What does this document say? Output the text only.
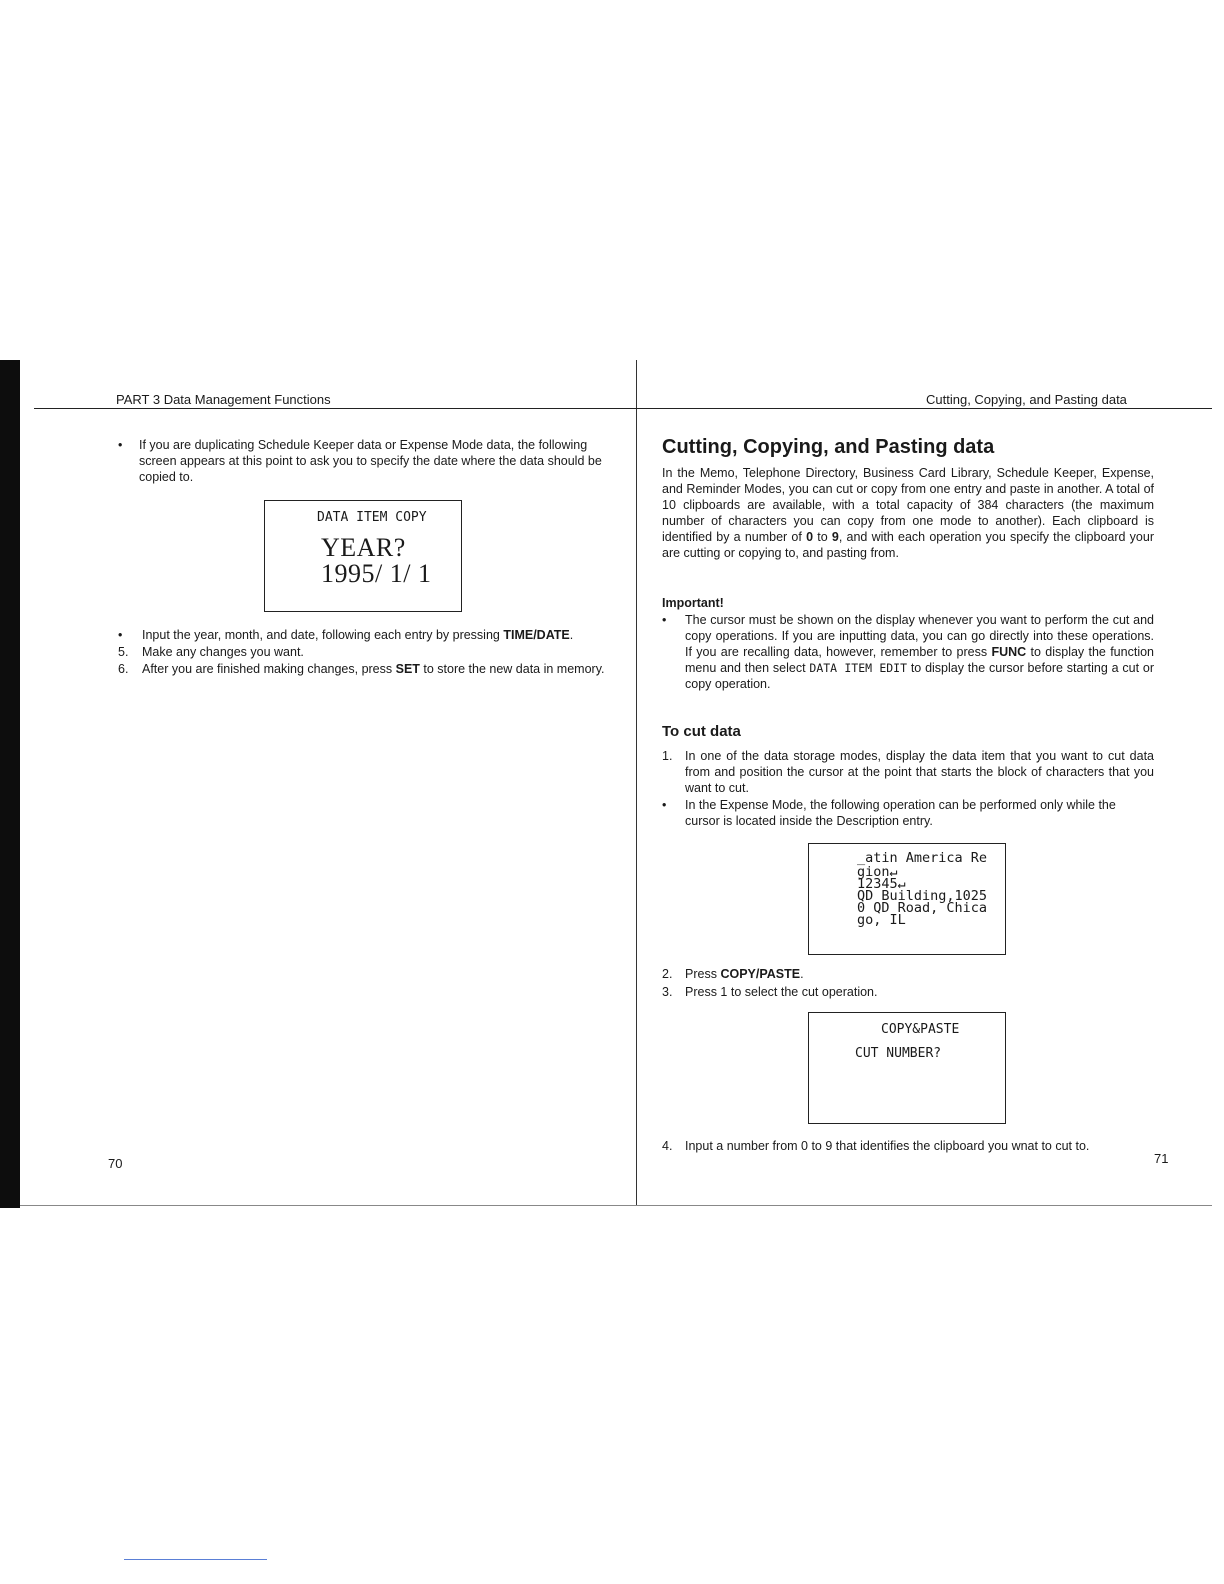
PART 3 Data Management Functions
• If you are duplicating Schedule Keeper data or Expense Mode data, the following screen appears at this point to ask you to specify the date where the data should be copied to.
DATA ITEM COPY
YEAR?
1995/ 1/ 1
• Input the year, month, and date, following each entry by pressing TIME/DATE.
5. Make any changes you want.
6. After you are finished making changes, press SET to store the new data in memory.
70
Cutting, Copying, and Pasting data
Cutting, Copying, and Pasting data
In the Memo, Telephone Directory, Business Card Library, Schedule Keeper, Expense, and Reminder Modes, you can cut or copy from one entry and paste in another. A total of 10 clipboards are available, with a total capacity of 384 characters (the maximum number of characters you can copy from one mode to another). Each clipboard is identified by a number of 0 to 9, and with each operation you specify the clipboard your are cutting or copying to, and pasting from.
Important!
• The cursor must be shown on the display whenever you want to perform the cut and copy operations. If you are inputting data, you can go directly into these operations. If you are recalling data, however, remember to press FUNC to display the function menu and then select DATA ITEM EDIT to display the cursor before starting a cut or copy operation.
To cut data
1. In one of the data storage modes, display the data item that you want to cut data from and position the cursor at the point that starts the block of characters that you want to cut.
• In the Expense Mode, the following operation can be performed only while the cursor is located inside the Description entry.
_atin America Re
gion↵
12345↵
QD Building,1025
0 QD Road, Chica
go, IL
2. Press COPY/PASTE.
3. Press 1 to select the cut operation.
COPY&PASTE
CUT NUMBER?
4. Input a number from 0 to 9 that identifies the clipboard you wnat to cut to.
71
